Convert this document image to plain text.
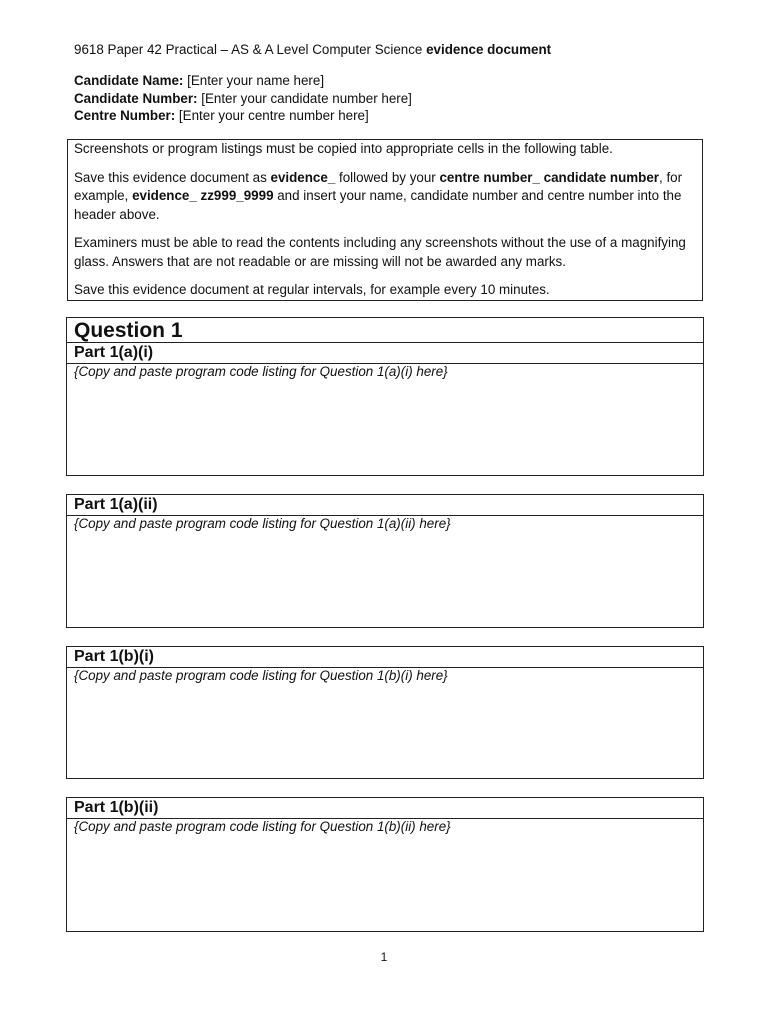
9618 Paper 42 Practical – AS & A Level Computer Science evidence document
Candidate Name: [Enter your name here]
Candidate Number: [Enter your candidate number here]
Centre Number: [Enter your centre number here]

Screenshots or program listings must be copied into appropriate cells in the following table.

Save this evidence document as evidence_ followed by your centre number_ candidate number, for example, evidence_ zz999_9999 and insert your name, candidate number and centre number into the header above.

Examiners must be able to read the contents including any screenshots without the use of a magnifying glass. Answers that are not readable or are missing will not be awarded any marks.

Save this evidence document at regular intervals, for example every 10 minutes.

Question 1
Part 1(a)(i)
{Copy and paste program code listing for Question 1(a)(i) here}
Part 1(a)(ii)
{Copy and paste program code listing for Question 1(a)(ii) here}
Part 1(b)(i)
{Copy and paste program code listing for Question 1(b)(i) here}
Part 1(b)(ii)
{Copy and paste program code listing for Question 1(b)(ii) here}
1
